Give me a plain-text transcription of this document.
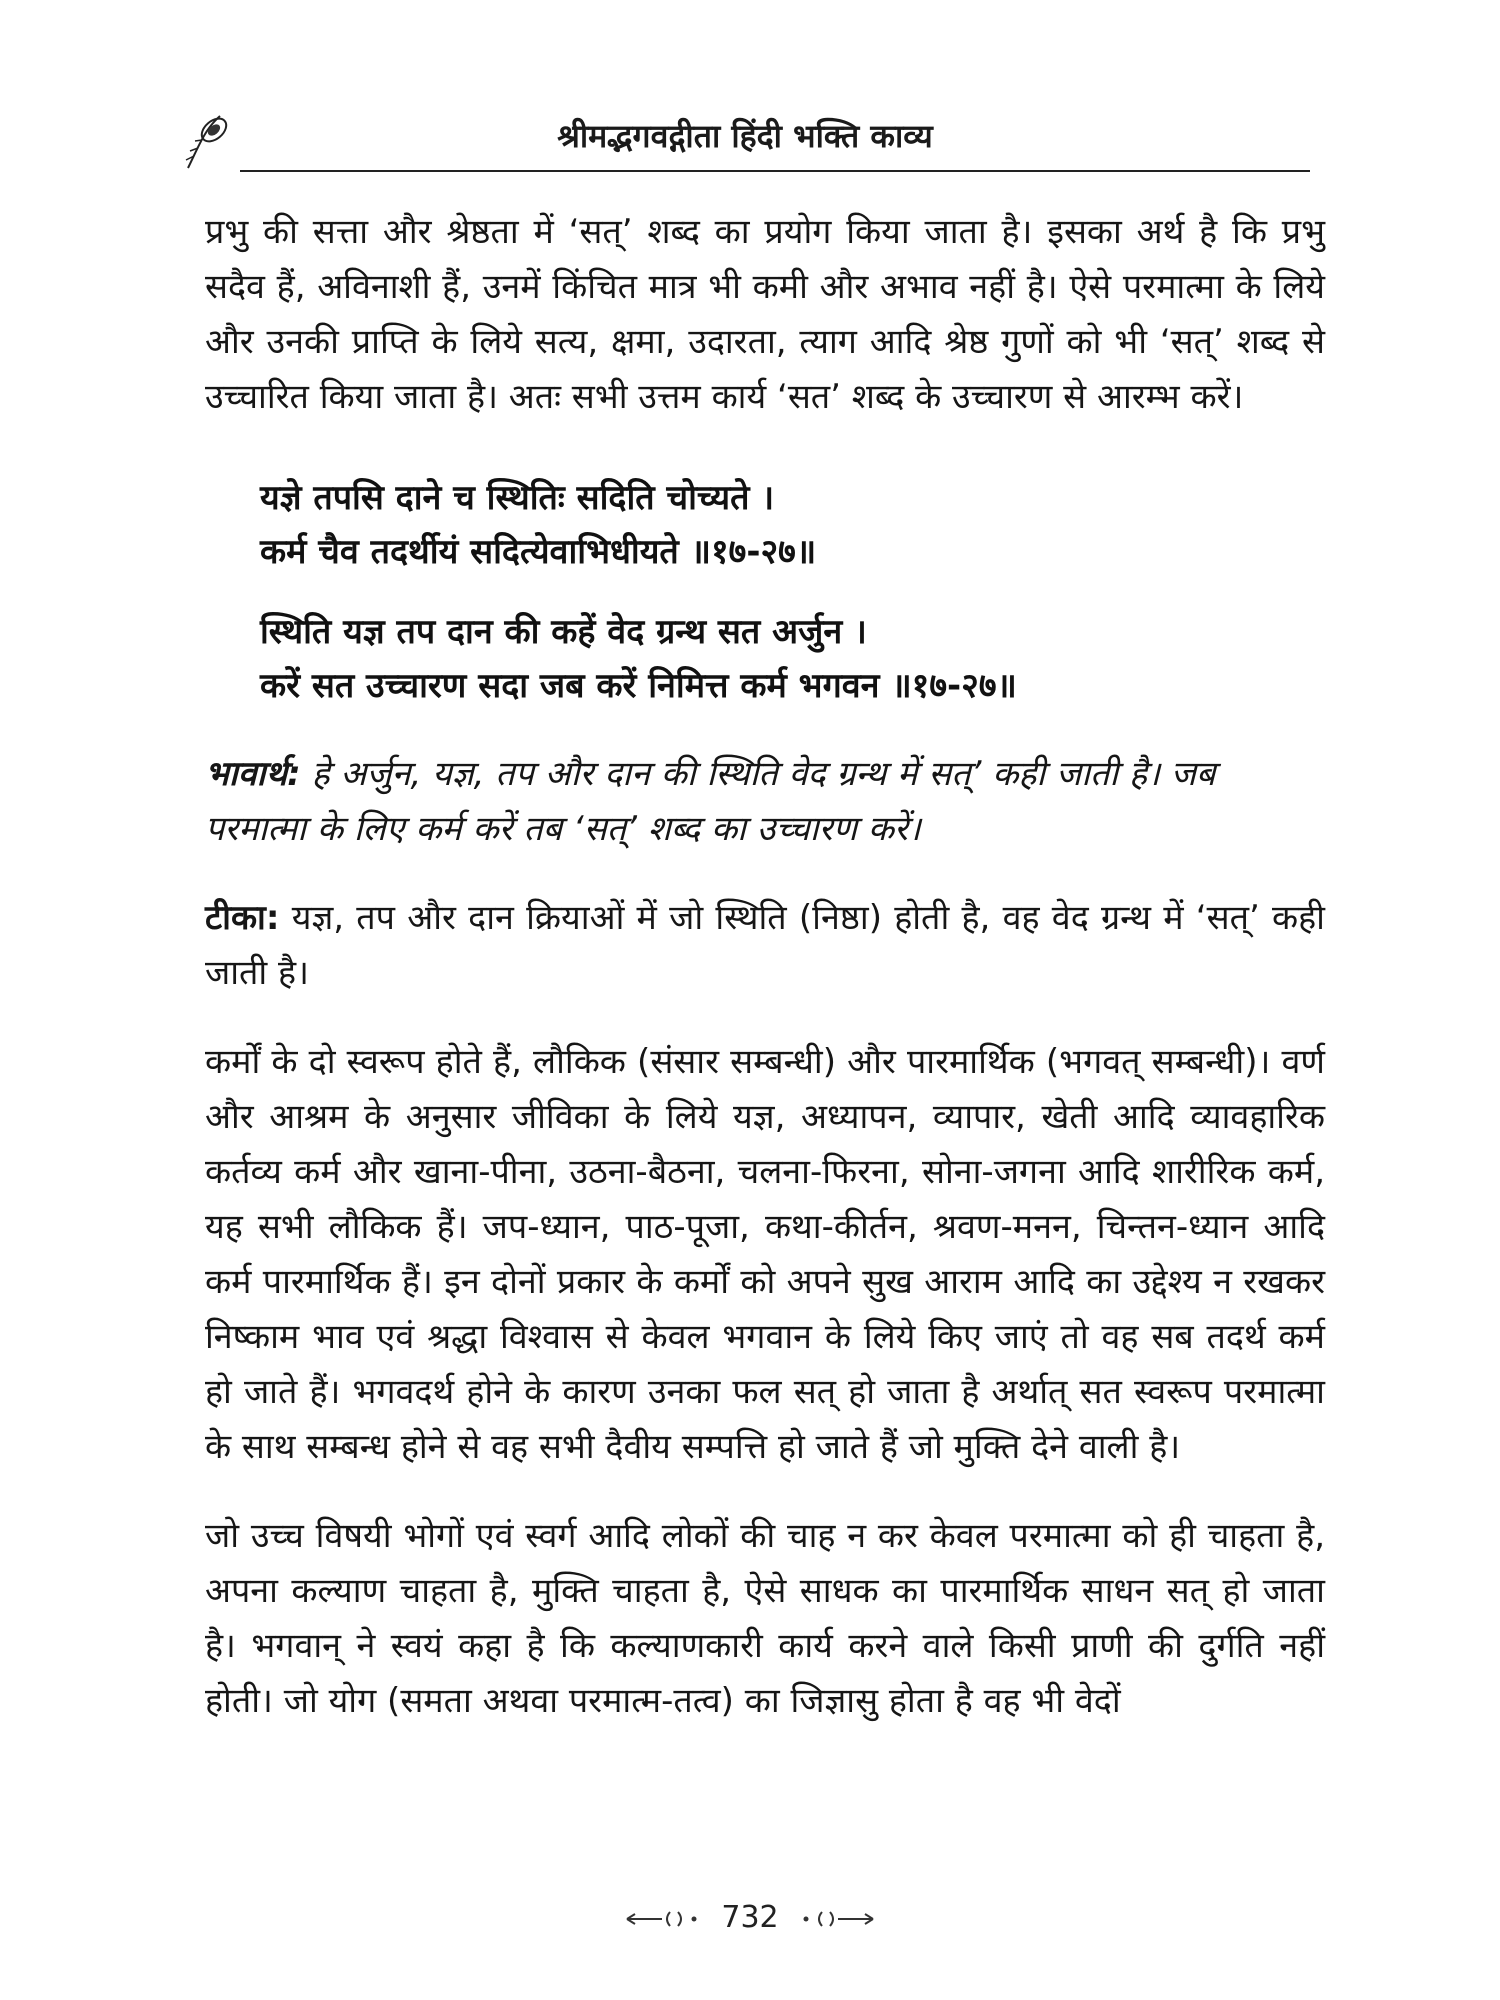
श्रीमद्भगवद्गीता हिंदी भक्ति काव्य

प्रभु की सत्ता और श्रेष्ठता में ‘सत्’ शब्द का प्रयोग किया जाता है। इसका अर्थ है कि प्रभु सदैव हैं, अविनाशी हैं, उनमें किंचित मात्र भी कमी और अभाव नहीं है। ऐसे परमात्मा के लिये और उनकी प्राप्ति के लिये सत्य, क्षमा, उदारता, त्याग आदि श्रेष्ठ गुणों को भी ‘सत्’ शब्द से उच्चारित किया जाता है। अतः सभी उत्तम कार्य ‘सत’ शब्द के उच्चारण से आरम्भ करें।

यज्ञे तपसि दाने च स्थितिः सदिति चोच्यते ।
कर्म चैव तदर्थीयं सदित्येवाभिधीयते ॥१७-२७॥
स्थिति यज्ञ तप दान की कहें वेद ग्रन्थ सत अर्जुन ।
करें सत उच्चारण सदा जब करें निमित्त कर्म भगवन ॥१७-२७॥

भावार्थ: हे अर्जुन, यज्ञ, तप और दान की स्थिति वेद ग्रन्थ में सत्’ कही जाती है। जब परमात्मा के लिए कर्म करें तब ‘सत्’ शब्द का उच्चारण करें।

टीका: यज्ञ, तप और दान क्रियाओं में जो स्थिति (निष्ठा) होती है, वह वेद ग्रन्थ में ‘सत्’ कही जाती है।

कर्मों के दो स्वरूप होते हैं, लौकिक (संसार सम्बन्धी) और पारमार्थिक (भगवत् सम्बन्धी)। वर्ण और आश्रम के अनुसार जीविका के लिये यज्ञ, अध्यापन, व्यापार, खेती आदि व्यावहारिक कर्तव्य कर्म और खाना-पीना, उठना-बैठना, चलना-फिरना, सोना-जगना आदि शारीरिक कर्म, यह सभी लौकिक हैं। जप-ध्यान, पाठ-पूजा, कथा-कीर्तन, श्रवण-मनन, चिन्तन-ध्यान आदि कर्म पारमार्थिक हैं। इन दोनों प्रकार के कर्मों को अपने सुख आराम आदि का उद्देश्य न रखकर निष्काम भाव एवं श्रद्धा विश्वास से केवल भगवान के लिये किए जाएं तो वह सब तदर्थ कर्म हो जाते हैं। भगवदर्थ होने के कारण उनका फल सत् हो जाता है अर्थात् सत स्वरूप परमात्मा के साथ सम्बन्ध होने से वह सभी दैवीय सम्पत्ति हो जाते हैं जो मुक्ति देने वाली है।

जो उच्च विषयी भोगों एवं स्वर्ग आदि लोकों की चाह न कर केवल परमात्मा को ही चाहता है, अपना कल्याण चाहता है, मुक्ति चाहता है, ऐसे साधक का पारमार्थिक साधन सत् हो जाता है। भगवान् ने स्वयं कहा है कि कल्याणकारी कार्य करने वाले किसी प्राणी की दुर्गति नहीं होती। जो योग (समता अथवा परमात्म-तत्व) का जिज्ञासु होता है वह भी वेदों

732
